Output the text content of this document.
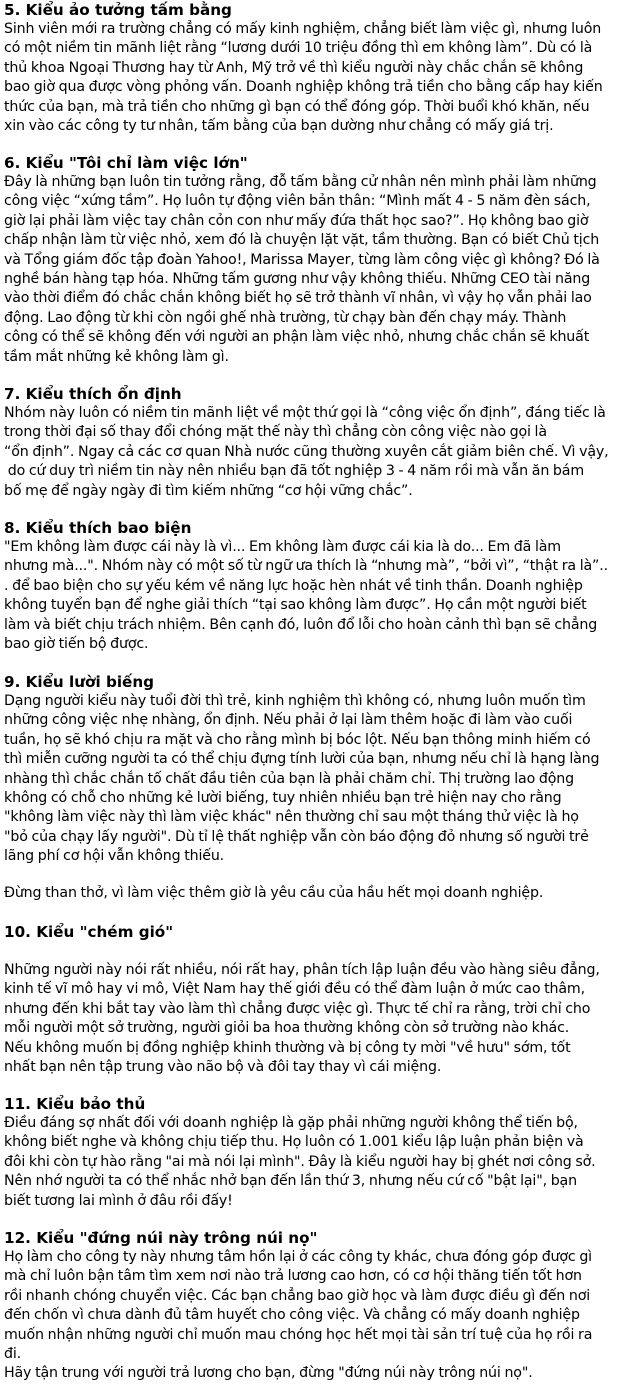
5. Kiểu ảo tưởng tấm bằng
Sinh viên mới ra trường chẳng có mấy kinh nghiệm, chẳng biết làm việc gì, nhưng luôn
có một niềm tin mãnh liệt rằng “lương dưới 10 triệu đồng thì em không làm”. Dù có là
thủ khoa Ngoại Thương hay từ Anh, Mỹ trở về thì kiểu người này chắc chắn sẽ không
bao giờ qua được vòng phỏng vấn. Doanh nghiệp không trả tiền cho bằng cấp hay kiến
thức của bạn, mà trả tiền cho những gì bạn có thể đóng góp. Thời buổi khó khăn, nếu
xin vào các công ty tư nhân, tấm bằng của bạn dường như chẳng có mấy giá trị.
6. Kiểu "Tôi chỉ làm việc lớn"
Đây là những bạn luôn tin tưởng rằng, đỗ tấm bằng cử nhân nên mình phải làm những
công việc “xứng tầm”. Họ luôn tự động viên bản thân: “Mình mất 4 - 5 năm đèn sách,
giờ lại phải làm việc tay chân cỏn con như mấy đứa thất học sao?”. Họ không bao giờ
chấp nhận làm từ việc nhỏ, xem đó là chuyện lặt vặt, tầm thường. Bạn có biết Chủ tịch
và Tổng giám đốc tập đoàn Yahoo!, Marissa Mayer, từng làm công việc gì không? Đó là
nghề bán hàng tạp hóa. Những tấm gương như vậy không thiếu. Những CEO tài năng
vào thời điểm đó chắc chắn không biết họ sẽ trở thành vĩ nhân, vì vậy họ vẫn phải lao
động. Lao động từ khi còn ngồi ghế nhà trường, từ chạy bàn đến chạy máy. Thành
công có thể sẽ không đến với người an phận làm việc nhỏ, nhưng chắc chắn sẽ khuất
tầm mắt những kẻ không làm gì.
7. Kiểu thích ổn định
Nhóm này luôn có niềm tin mãnh liệt về một thứ gọi là “công việc ổn định”, đáng tiếc là
trong thời đại số thay đổi chóng mặt thế này thì chẳng còn công việc nào gọi là
“ổn định”. Ngay cả các cơ quan Nhà nước cũng thường xuyên cắt giảm biên chế. Vì vậy,
do cứ duy trì niềm tin này nên nhiều bạn đã tốt nghiệp 3 - 4 năm rồi mà vẫn ăn bám
bố mẹ để ngày ngày đi tìm kiếm những “cơ hội vững chắc”.
8. Kiểu thích bao biện
"Em không làm được cái này là vì... Em không làm được cái kia là do... Em đã làm
nhưng mà...". Nhóm này có một số từ ngữ ưa thích là “nhưng mà”, “bởi vì”, “thật ra là”..
. để bao biện cho sự yếu kém về năng lực hoặc hèn nhát về tinh thần. Doanh nghiệp
không tuyển bạn để nghe giải thích “tại sao không làm được”. Họ cần một người biết
làm và biết chịu trách nhiệm. Bên cạnh đó, luôn đổ lỗi cho hoàn cảnh thì bạn sẽ chẳng
bao giờ tiến bộ được.
9. Kiểu lười biếng
Dạng người kiểu này tuổi đời thì trẻ, kinh nghiệm thì không có, nhưng luôn muốn tìm
những công việc nhẹ nhàng, ổn định. Nếu phải ở lại làm thêm hoặc đi làm vào cuối
tuần, họ sẽ khó chịu ra mặt và cho rằng mình bị bóc lột. Nếu bạn thông minh hiếm có
thì miễn cưỡng người ta có thể chịu đựng tính lười của bạn, nhưng nếu chỉ là hạng làng
nhàng thì chắc chắn tố chất đầu tiên của bạn là phải chăm chỉ. Thị trường lao động
không có chỗ cho những kẻ lười biếng, tuy nhiên nhiều bạn trẻ hiện nay cho rằng
"không làm việc này thì làm việc khác" nên thường chỉ sau một tháng thử việc là họ
"bỏ của chạy lấy người". Dù tỉ lệ thất nghiệp vẫn còn báo động đỏ nhưng số người trẻ
lãng phí cơ hội vẫn không thiếu.
Đừng than thở, vì làm việc thêm giờ là yêu cầu của hầu hết mọi doanh nghiệp.
10. Kiểu "chém gió"
Những người này nói rất nhiều, nói rất hay, phân tích lập luận đều vào hàng siêu đẳng,
kinh tế vĩ mô hay vi mô, Việt Nam hay thế giới đều có thể đàm luận ở mức cao thâm,
nhưng đến khi bắt tay vào làm thì chẳng được việc gì. Thực tế chỉ ra rằng, trời chỉ cho
mỗi người một sở trường, người giỏi ba hoa thường không còn sở trường nào khác.
Nếu không muốn bị đồng nghiệp khinh thường và bị công ty mời "về hưu" sớm, tốt
nhất bạn nên tập trung vào não bộ và đôi tay thay vì cái miệng.
11. Kiểu bảo thủ
Điều đáng sợ nhất đối với doanh nghiệp là gặp phải những người không thể tiến bộ,
không biết nghe và không chịu tiếp thu. Họ luôn có 1.001 kiểu lập luận phản biện và
đôi khi còn tự hào rằng "ai mà nói lại mình". Đây là kiểu người hay bị ghét nơi công sở.
Nên nhớ người ta có thể nhắc nhở bạn đến lần thứ 3, nhưng nếu cứ cố "bật lại", bạn
biết tương lai mình ở đâu rồi đấy!
12. Kiểu "đứng núi này trông núi nọ"
Họ làm cho công ty này nhưng tâm hồn lại ở các công ty khác, chưa đóng góp được gì
mà chỉ luôn bận tâm tìm xem nơi nào trả lương cao hơn, có cơ hội thăng tiến tốt hơn
rồi nhanh chóng chuyển việc. Các bạn chẳng bao giờ học và làm được điều gì đến nơi
đến chốn vì chưa dành đủ tâm huyết cho công việc. Và chẳng có mấy doanh nghiệp
muốn nhận những người chỉ muốn mau chóng học hết mọi tài sản trí tuệ của họ rồi ra
đi.
Hãy tận trung với người trả lương cho bạn, đừng "đứng núi này trông núi nọ".
